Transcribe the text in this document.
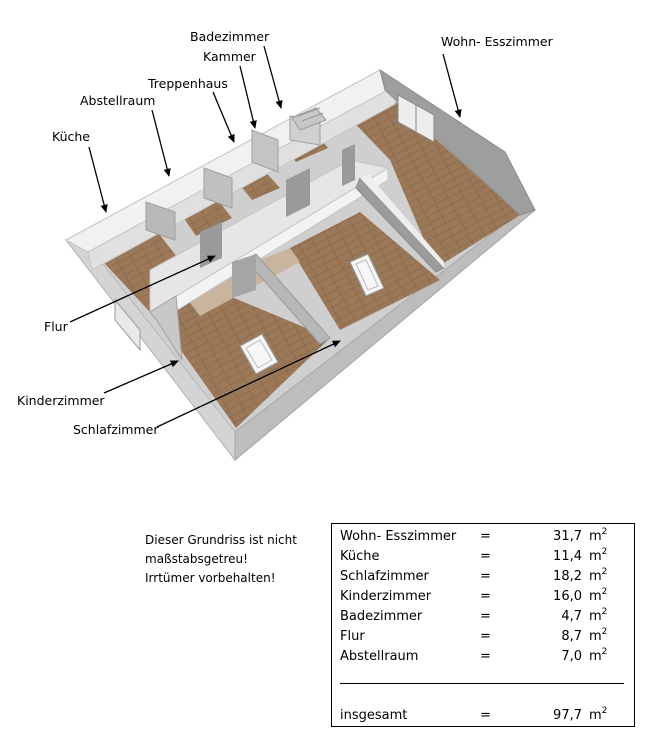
Badezimmer
Kammer
Treppenhaus
Abstellraum
Küche
Wohn- Esszimmer
Flur
Kinderzimmer
Schlafzimmer
Dieser Grundriss ist nicht
maßstabsgetreu!
Irrtümer vorbehalten!
Wohn- Esszimmer =	31,7 $m^2$
Küche	=	11,4 $m^2$
Schlafzimmer	=	18,2 $m^2$
Kinderzimmer	=	16,0 $m^2$
Badezimmer	=	4,7 $m^2$
Flur	=	8,7 $m^2$
Abstellraum	=	7,0 $m^2$
insgesamt	=	97,7 $m^2$
